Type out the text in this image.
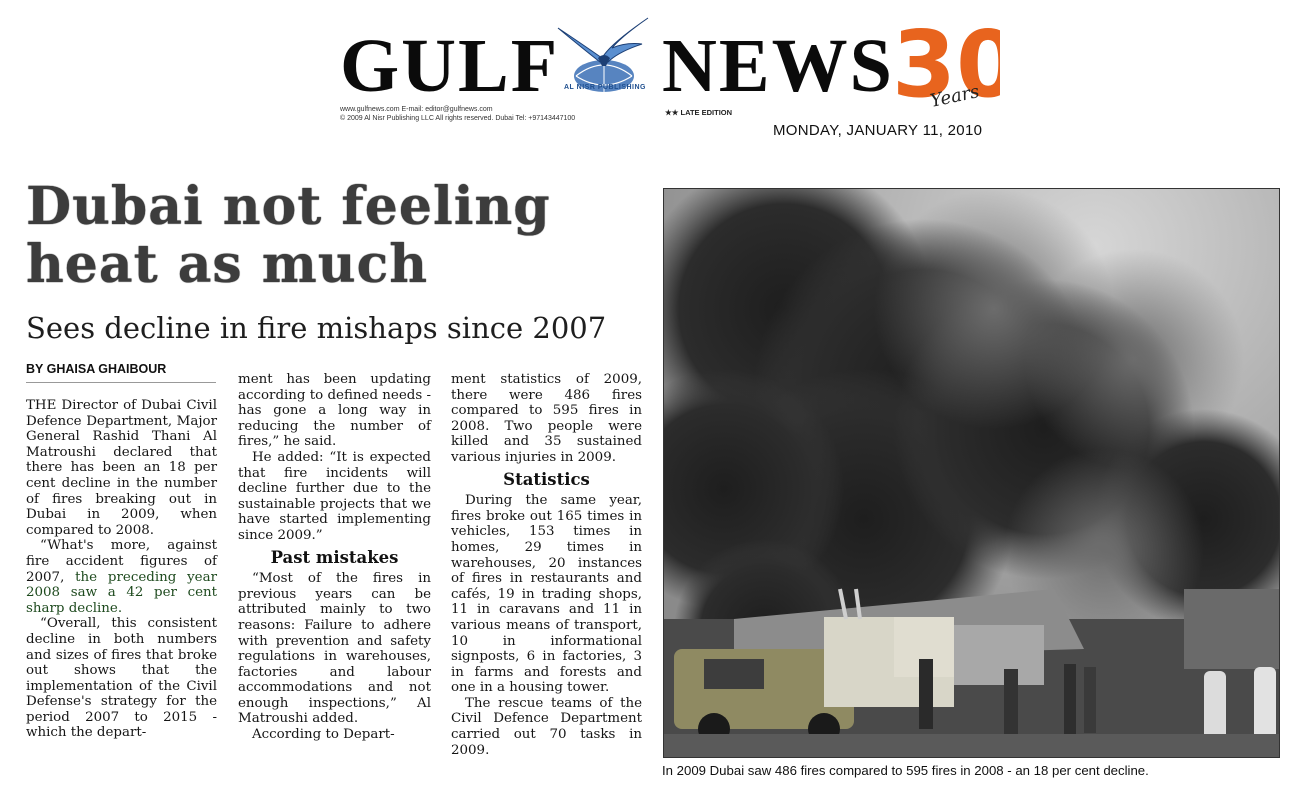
GULF AL NISR PUBLISHING NEWS
30
Years
www.gulfnews.com E-mail: editor@gulfnews.com
© 2009 Al Nisr Publishing LLC All rights reserved. Dubai Tel: +97143447100
★★ LATE EDITION
MONDAY, JANUARY 11, 2010
Dubai not feeling heat as much
Sees decline in fire mishaps since 2007
BY GHAISA GHAIBOUR

THE Director of Dubai Civil Defence Department, Major General Rashid Thani Al Matroushi declared that there has been an 18 per cent decline in the number of fires breaking out in Dubai in 2009, when compared to 2008.

“What's more, against fire accident figures of 2007, the preceding year 2008 saw a 42 per cent sharp decline.

“Overall, this consistent decline in both numbers and sizes of fires that broke out shows that the implementation of the Civil Defense's strategy for the period 2007 to 2015 - which the depart-

ment has been updating according to defined needs - has gone a long way in reducing the number of fires,” he said.

He added: “It is expected that fire incidents will decline further due to the sustainable projects that we have started implementing since 2009.”

Past mistakes

“Most of the fires in previous years can be attributed mainly to two reasons: Failure to adhere with prevention and safety regulations in warehouses, factories and labour accommodations and not enough inspections,” Al Matroushi added.

According to Depart-

ment statistics of 2009, there were 486 fires compared to 595 fires in 2008. Two people were killed and 35 sustained various injuries in 2009.

Statistics

During the same year, fires broke out 165 times in vehicles, 153 times in homes, 29 times in warehouses, 20 instances of fires in restaurants and cafés, 19 in trading shops, 11 in caravans and 11 in various means of transport, 10 in informational signposts, 6 in factories, 3 in farms and forests and one in a housing tower.

The rescue teams of the Civil Defence Department carried out 70 tasks in 2009.

In 2009 Dubai saw 486 fires compared to 595 fires in 2008 - an 18 per cent decline.
